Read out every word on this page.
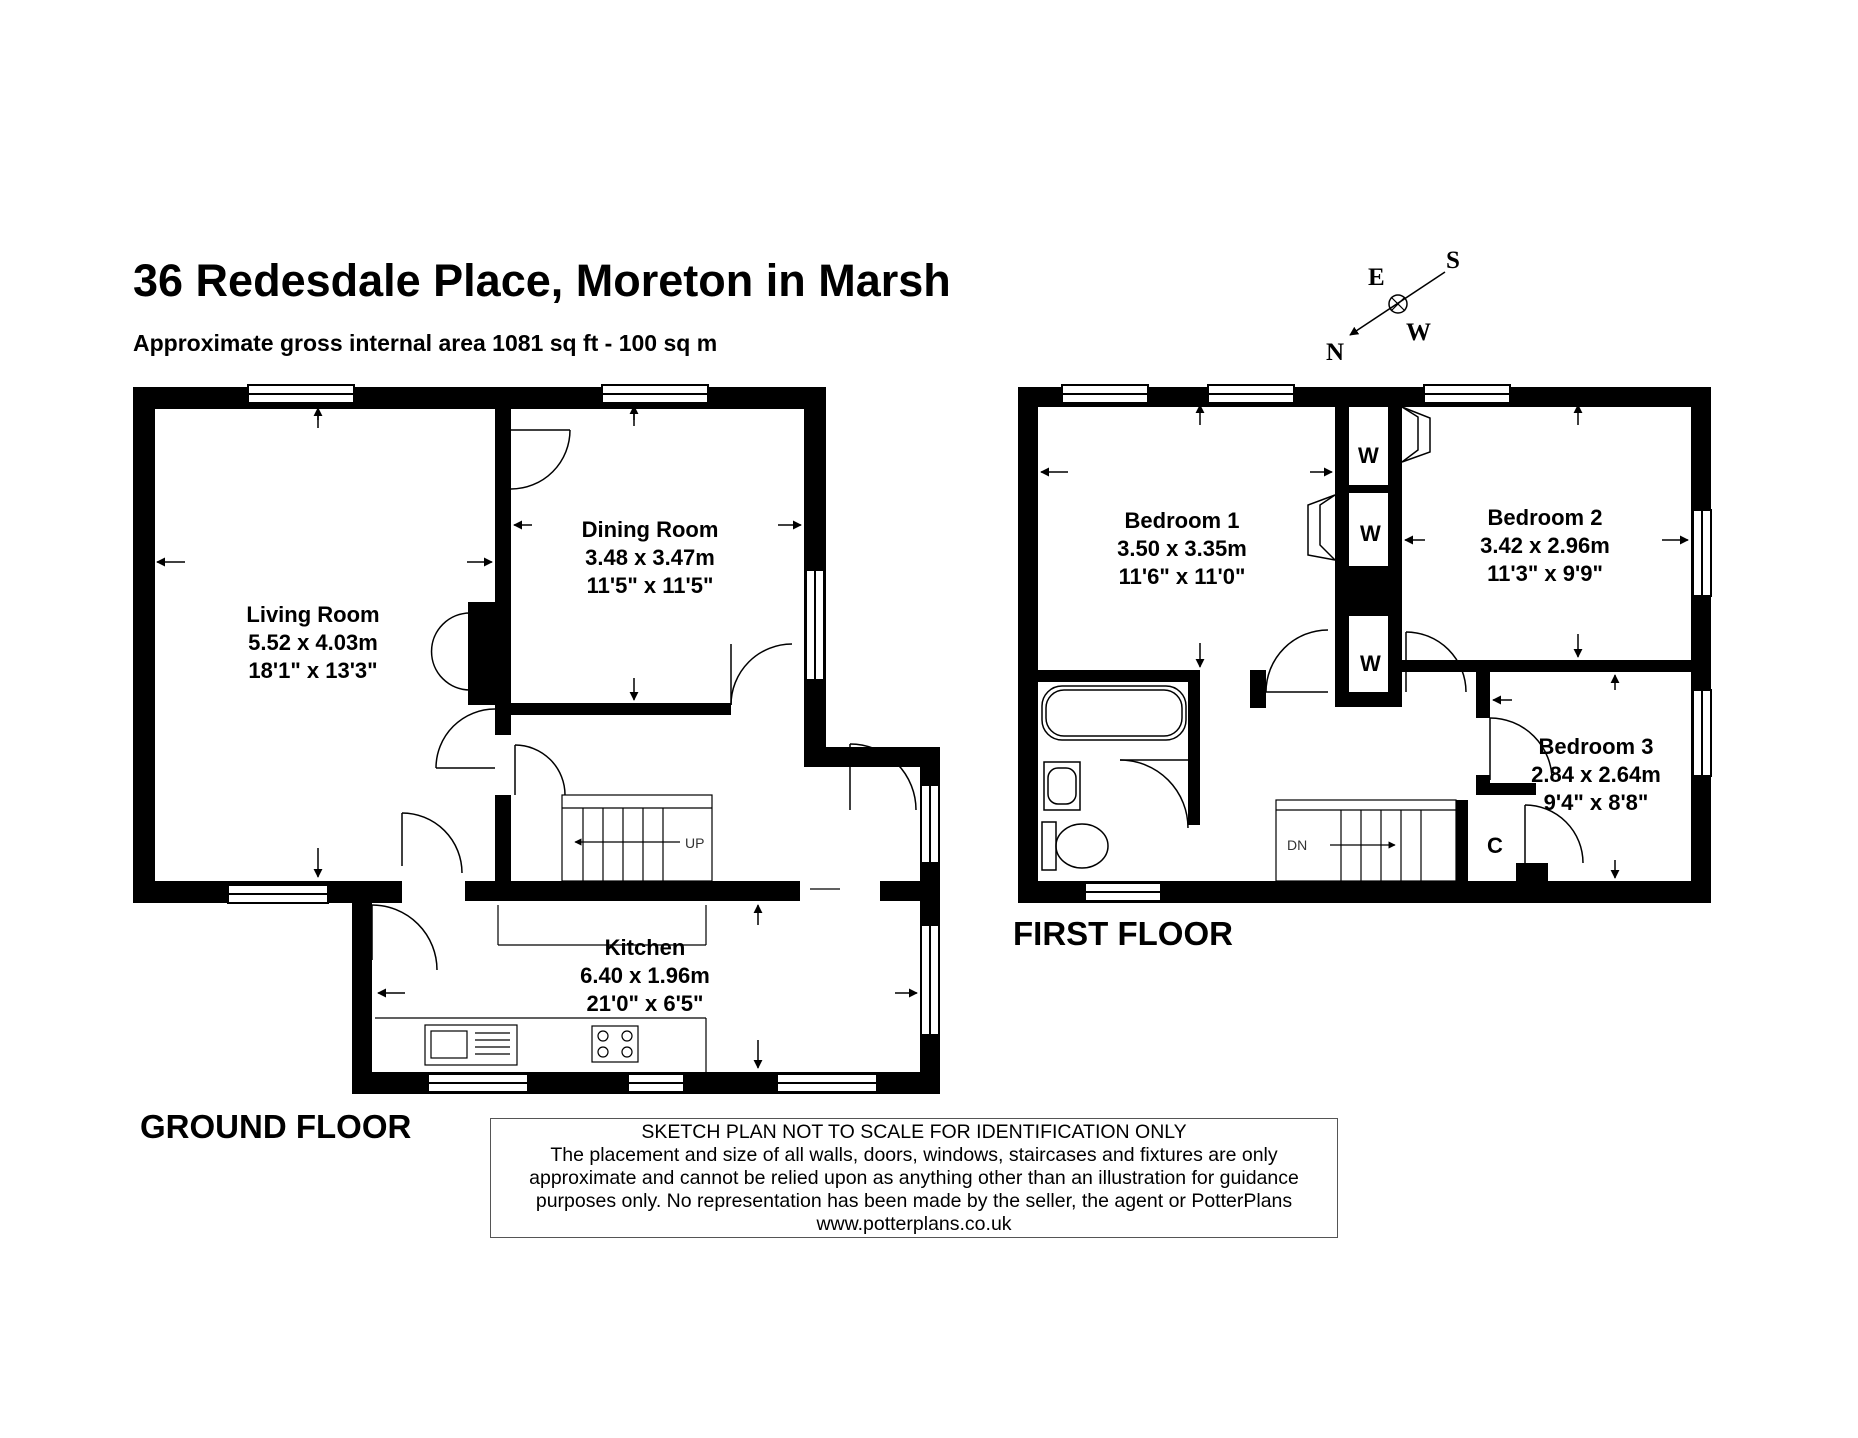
36 Redesdale Place, Moreton in Marsh
Approximate gross internal area 1081 sq ft - 100 sq m
Living Room
5.52 x 4.03m
18'1" x 13'3"
Dining Room
3.48 x 3.47m
11'5" x 11'5"
Kitchen
6.40 x 1.96m
21'0" x 6'5"
UP
Bedroom 1
3.50 x 3.35m
11'6" x 11'0"
Bedroom 2
3.42 x 2.96m
11'3" x 9'9"
Bedroom 3
2.84 x 2.64m
9'4" x 8'8"
W
W
W
C
DN
N
E
S
W
GROUND FLOOR
FIRST FLOOR
SKETCH PLAN NOT TO SCALE FOR IDENTIFICATION ONLY
The placement and size of all walls, doors, windows, staircases and fixtures are only
approximate and cannot be relied upon as anything other than an illustration for guidance
purposes only. No representation has been made by the seller, the agent or PotterPlans
www.potterplans.co.uk
